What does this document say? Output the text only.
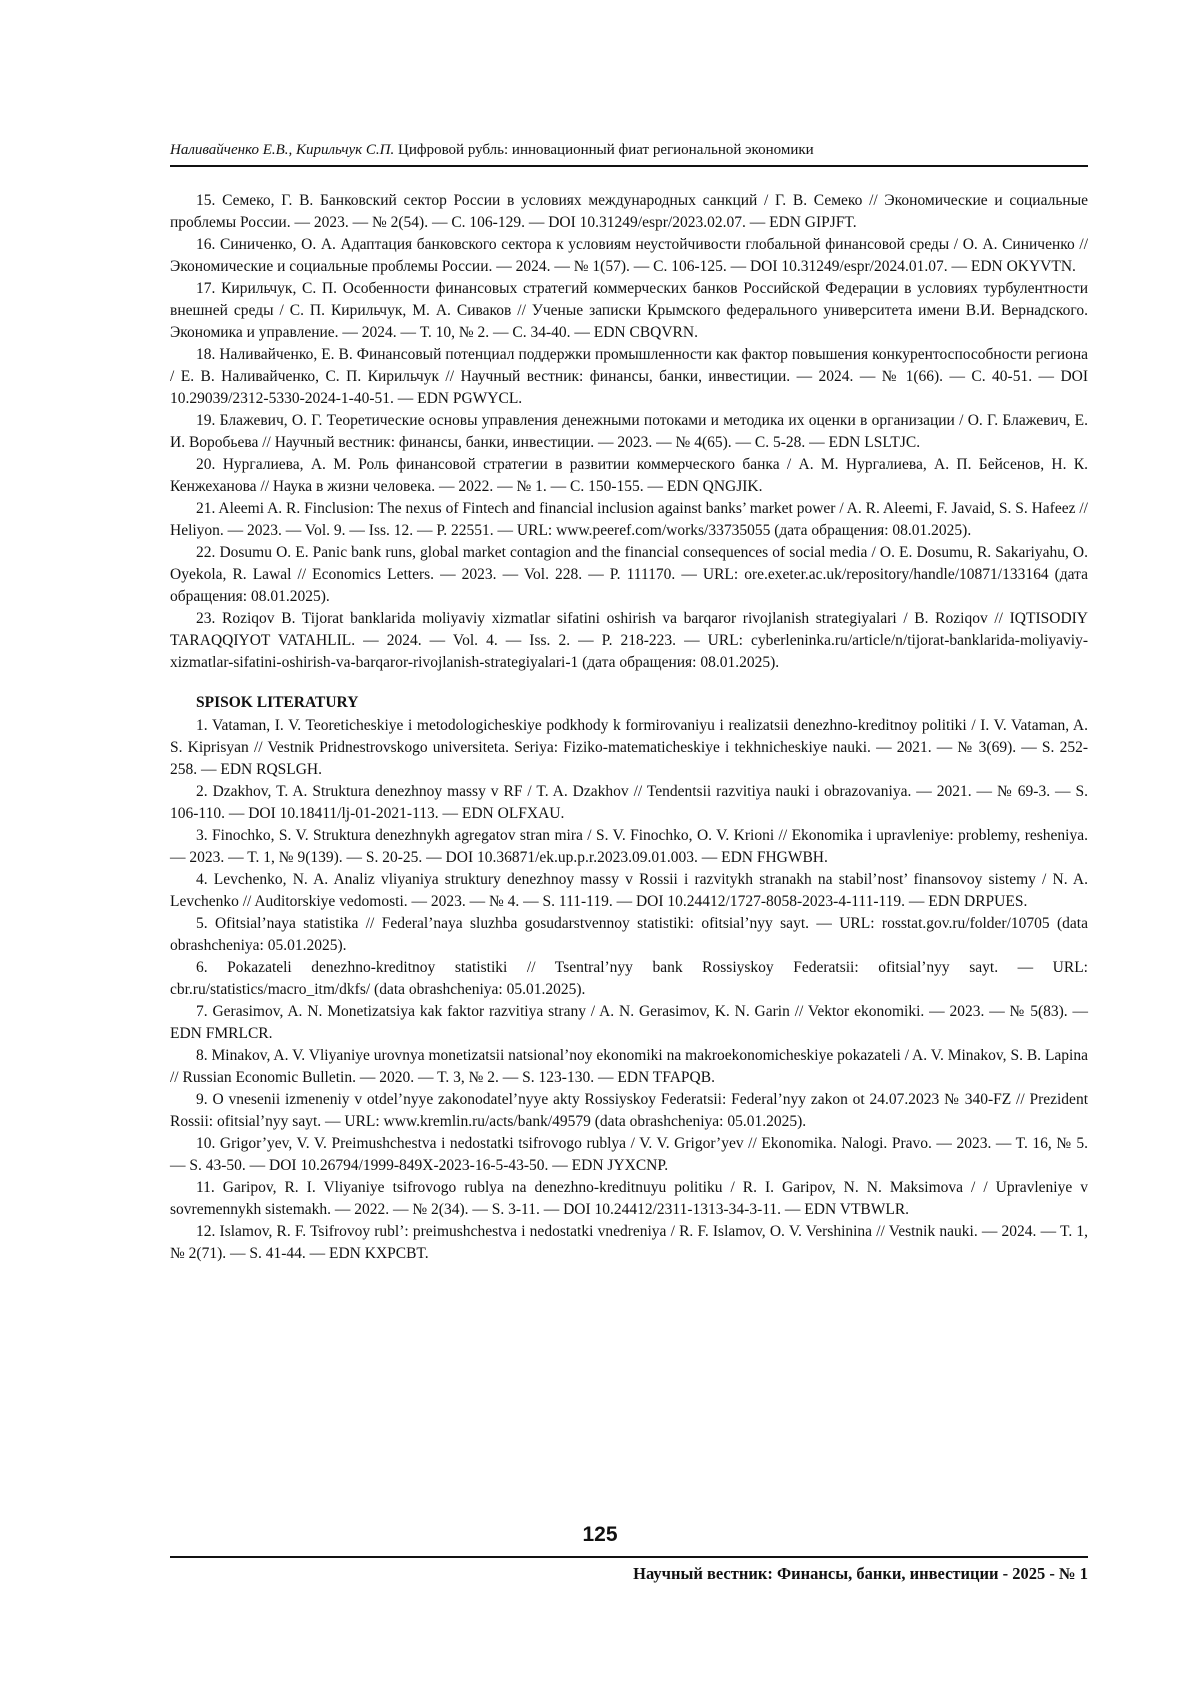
Наливайченко Е.В., Кирильчук С.П. Цифровой рубль: инновационный фиат региональной экономики

15. Семеко, Г. В. Банковский сектор России в условиях международных санкций / Г. В. Семеко // Экономические и социальные проблемы России. — 2023. — № 2(54). — С. 106-129. — DOI 10.31249/espr/2023.02.07. — EDN GIPJFT.

16. Синиченко, О. А. Адаптация банковского сектора к условиям неустойчивости глобальной финансовой среды / О. А. Синиченко // Экономические и социальные проблемы России. — 2024. — № 1(57). — С. 106-125. — DOI 10.31249/espr/2024.01.07. — EDN OKYVTN.

17. Кирильчук, С. П. Особенности финансовых стратегий коммерческих банков Российской Федерации в условиях турбулентности внешней среды / С. П. Кирильчук, М. А. Сиваков // Ученые записки Крымского федерального университета имени В.И. Вернадского. Экономика и управление. — 2024. — Т. 10, № 2. — С. 34-40. — EDN CBQVRN.

18. Наливайченко, Е. В. Финансовый потенциал поддержки промышленности как фактор повышения конкурентоспособности региона / Е. В. Наливайченко, С. П. Кирильчук // Научный вестник: финансы, банки, инвестиции. — 2024. — № 1(66). — С. 40-51. — DOI 10.29039/2312-5330-2024-1-40-51. — EDN PGWYCL.

19. Блажевич, О. Г. Теоретические основы управления денежными потоками и методика их оценки в организации / О. Г. Блажевич, Е. И. Воробьева // Научный вестник: финансы, банки, инвестиции. — 2023. — № 4(65). — С. 5-28. — EDN LSLTJC.

20. Нургалиева, А. М. Роль финансовой стратегии в развитии коммерческого банка / А. М. Нургалиева, А. П. Бейсенов, Н. К. Кенжеханова // Наука в жизни человека. — 2022. — № 1. — С. 150-155. — EDN QNGJIK.

21. Aleemi A. R. Finclusion: The nexus of Fintech and financial inclusion against banks’ market power / A. R. Aleemi, F. Javaid, S. S. Hafeez // Heliyon. — 2023. — Vol. 9. — Iss. 12. — P. 22551. — URL: www.peeref.com/works/33735055 (дата обращения: 08.01.2025).

22. Dosumu O. E. Panic bank runs, global market contagion and the financial consequences of social media / O. E. Dosumu, R. Sakariyahu, O. Oyekola, R. Lawal // Economics Letters. — 2023. — Vol. 228. — P. 111170. — URL: ore.exeter.ac.uk/repository/handle/10871/133164 (дата обращения: 08.01.2025).

23. Roziqov B. Tijorat banklarida moliyaviy xizmatlar sifatini oshirish va barqaror rivojlanish strategiyalari / B. Roziqov // IQTISODIY TARAQQIYOT VATAHLIL. — 2024. — Vol. 4. — Iss. 2. — P. 218-223. — URL: cyberleninka.ru/article/n/tijorat-banklarida-moliyaviy-xizmatlar-sifatini-oshirish-va-barqaror-rivojlanish-strategiyalari-1 (дата обращения: 08.01.2025).

SPISOK LITERATURY

1. Vataman, I. V. Teoreticheskiye i metodologicheskiye podkhody k formirovaniyu i realizatsii denezhno-kreditnoy politiki / I. V. Vataman, A. S. Kiprisyan // Vestnik Pridnestrovskogo universiteta. Seriya: Fiziko-matematicheskiye i tekhnicheskiye nauki. — 2021. — № 3(69). — S. 252-258. — EDN RQSLGH.

2. Dzakhov, T. A. Struktura denezhnoy massy v RF / T. A. Dzakhov // Tendentsii razvitiya nauki i obrazovaniya. — 2021. — № 69-3. — S. 106-110. — DOI 10.18411/lj-01-2021-113. — EDN OLFXAU.

3. Finochko, S. V. Struktura denezhnykh agregatov stran mira / S. V. Finochko, O. V. Krioni // Ekonomika i upravleniye: problemy, resheniya. — 2023. — T. 1, № 9(139). — S. 20-25. — DOI 10.36871/ek.up.p.r.2023.09.01.003. — EDN FHGWBH.

4. Levchenko, N. A. Analiz vliyaniya struktury denezhnoy massy v Rossii i razvitykh stranakh na stabil’nost’ finansovoy sistemy / N. A. Levchenko // Auditorskiye vedomosti. — 2023. — № 4. — S. 111-119. — DOI 10.24412/1727-8058-2023-4-111-119. — EDN DRPUES.

5. Ofitsial’naya statistika // Federal’naya sluzhba gosudarstvennoy statistiki: ofitsial’nyy sayt. — URL: rosstat.gov.ru/folder/10705 (data obrashcheniya: 05.01.2025).

6. Pokazateli denezhno-kreditnoy statistiki // Tsentral’nyy bank Rossiyskoy Federatsii: ofitsial’nyy sayt. — URL: cbr.ru/statistics/macro_itm/dkfs/ (data obrashcheniya: 05.01.2025).

7. Gerasimov, A. N. Monetizatsiya kak faktor razvitiya strany / A. N. Gerasimov, K. N. Garin // Vektor ekonomiki. — 2023. — № 5(83). — EDN FMRLCR.

8. Minakov, A. V. Vliyaniye urovnya monetizatsii natsional’noy ekonomiki na makroekonomicheskiye pokazateli / A. V. Minakov, S. B. Lapina // Russian Economic Bulletin. — 2020. — T. 3, № 2. — S. 123-130. — EDN TFAPQB.

9. O vnesenii izmeneniy v otdel’nyye zakonodatel’nyye akty Rossiyskoy Federatsii: Federal’nyy zakon ot 24.07.2023 № 340-FZ // Prezident Rossii: ofitsial’nyy sayt. — URL: www.kremlin.ru/acts/bank/49579 (data obrashcheniya: 05.01.2025).

10. Grigor’yev, V. V. Preimushchestva i nedostatki tsifrovogo rublya / V. V. Grigor’yev // Ekonomika. Nalogi. Pravo. — 2023. — T. 16, № 5. — S. 43-50. — DOI 10.26794/1999-849X-2023-16-5-43-50. — EDN JYXCNP.

11. Garipov, R. I. Vliyaniye tsifrovogo rublya na denezhno-kreditnuyu politiku / R. I. Garipov, N. N. Maksimova / / Upravleniye v sovremennykh sistemakh. — 2022. — № 2(34). — S. 3-11. — DOI 10.24412/2311-1313-34-3-11. — EDN VTBWLR.

12. Islamov, R. F. Tsifrovoy rubl’: preimushchestva i nedostatki vnedreniya / R. F. Islamov, O. V. Vershinina // Vestnik nauki. — 2024. — T. 1, № 2(71). — S. 41-44. — EDN KXPCBT.

125
Научный вестник: Финансы, банки, инвестиции - 2025 - № 1
